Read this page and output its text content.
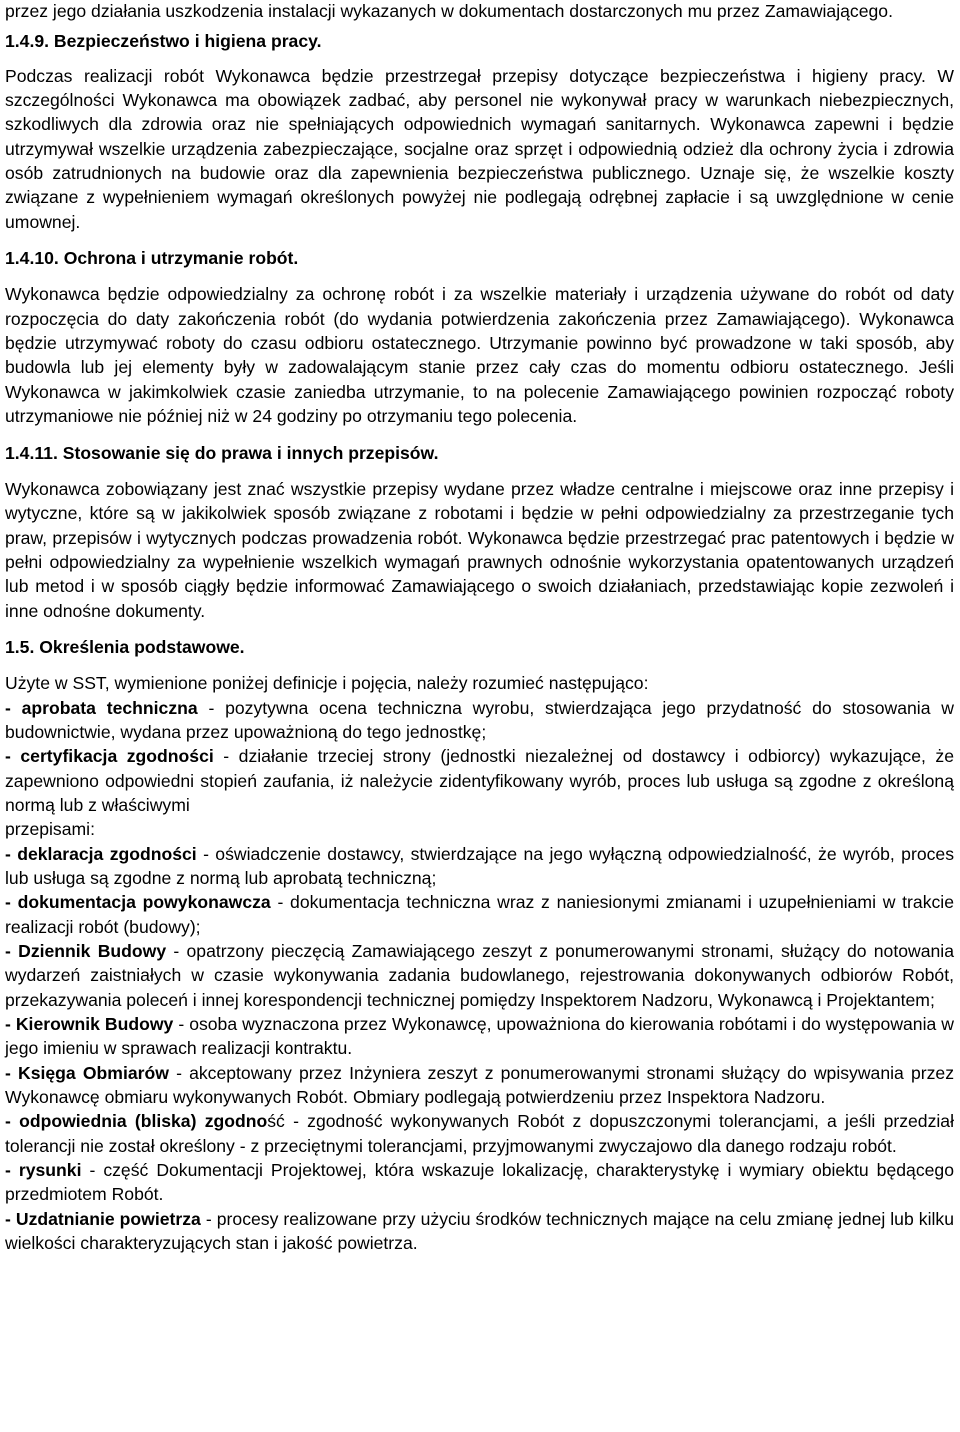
przez jego działania uszkodzenia instalacji wykazanych w dokumentach dostarczonych mu przez Zamawiającego.

1.4.9. Bezpieczeństwo i higiena pracy.

Podczas realizacji robót Wykonawca będzie przestrzegał przepisy dotyczące bezpieczeństwa i higieny pracy. W szczególności Wykonawca ma obowiązek zadbać, aby personel nie wykonywał pracy w warunkach niebezpiecznych, szkodliwych dla zdrowia oraz nie spełniających odpowiednich wymagań sanitarnych. Wykonawca zapewni i będzie utrzymywał wszelkie urządzenia zabezpieczające, socjalne oraz sprzęt i odpowiednią odzież dla ochrony życia i zdrowia osób zatrudnionych na budowie oraz dla zapewnienia bezpieczeństwa publicznego. Uznaje się, że wszelkie koszty związane z wypełnieniem wymagań określonych powyżej nie podlegają odrębnej zapłacie i są uwzględnione w cenie umownej.

1.4.10. Ochrona i utrzymanie robót.

Wykonawca będzie odpowiedzialny za ochronę robót i za wszelkie materiały i urządzenia używane do robót od daty rozpoczęcia do daty zakończenia robót (do wydania potwierdzenia zakończenia przez Zamawiającego). Wykonawca będzie utrzymywać roboty do czasu odbioru ostatecznego. Utrzymanie powinno być prowadzone w taki sposób, aby budowla lub jej elementy były w zadowalającym stanie przez cały czas do momentu odbioru ostatecznego. Jeśli Wykonawca w jakimkolwiek czasie zaniedba utrzymanie, to na polecenie Zamawiającego powinien rozpocząć roboty utrzymaniowe nie później niż w 24 godziny po otrzymaniu tego polecenia.

1.4.11. Stosowanie się do prawa i innych przepisów.

Wykonawca zobowiązany jest znać wszystkie przepisy wydane przez władze centralne i miejscowe oraz inne przepisy i wytyczne, które są w jakikolwiek sposób związane z robotami i będzie w pełni odpowiedzialny za przestrzeganie tych praw, przepisów i wytycznych podczas prowadzenia robót. Wykonawca będzie przestrzegać prac patentowych i będzie w pełni odpowiedzialny za wypełnienie wszelkich wymagań prawnych odnośnie wykorzystania opatentowanych urządzeń lub metod i w sposób ciągły będzie informować Zamawiającego o swoich działaniach, przedstawiając kopie zezwoleń i inne odnośne dokumenty.

1.5. Określenia podstawowe.

Użyte w SST, wymienione poniżej definicje i pojęcia, należy rozumieć następująco:

- aprobata techniczna - pozytywna ocena techniczna wyrobu, stwierdzająca jego przydatność do stosowania w budownictwie, wydana przez upoważnioną do tego jednostkę;

- certyfikacja zgodności - działanie trzeciej strony (jednostki niezależnej od dostawcy i odbiorcy) wykazujące, że zapewniono odpowiedni stopień zaufania, iż należycie zidentyfikowany wyrób, proces lub usługa są zgodne z określoną normą lub z właściwymi

przepisami:

- deklaracja zgodności - oświadczenie dostawcy, stwierdzające na jego wyłączną odpowiedzialność, że wyrób, proces lub usługa są zgodne z normą lub aprobatą techniczną;

- dokumentacja powykonawcza - dokumentacja techniczna wraz z naniesionymi zmianami i uzupełnieniami w trakcie realizacji robót (budowy);

- Dziennik Budowy - opatrzony pieczęcią Zamawiającego zeszyt z ponumerowanymi stronami, służący do notowania wydarzeń zaistniałych w czasie wykonywania zadania budowlanego, rejestrowania dokonywanych odbiorów Robót, przekazywania poleceń i innej korespondencji technicznej pomiędzy Inspektorem Nadzoru, Wykonawcą i Projektantem;

- Kierownik Budowy - osoba wyznaczona przez Wykonawcę, upoważniona do kierowania robótami i do występowania w jego imieniu w sprawach realizacji kontraktu.

- Księga Obmiarów - akceptowany przez Inżyniera zeszyt z ponumerowanymi stronami służący do wpisywania przez Wykonawcę obmiaru wykonywanych Robót. Obmiary podlegają potwierdzeniu przez Inspektora Nadzoru.

- odpowiednia (bliska) zgodność - zgodność wykonywanych Robót z dopuszczonymi tolerancjami, a jeśli przedział tolerancji nie został określony - z przeciętnymi tolerancjami, przyjmowanymi zwyczajowo dla danego rodzaju robót.

- rysunki - część Dokumentacji Projektowej, która wskazuje lokalizację, charakterystykę i wymiary obiektu będącego przedmiotem Robót.

- Uzdatnianie powietrza - procesy realizowane przy użyciu środków technicznych mające na celu zmianę jednej lub kilku wielkości charakteryzujących stan i jakość powietrza.
